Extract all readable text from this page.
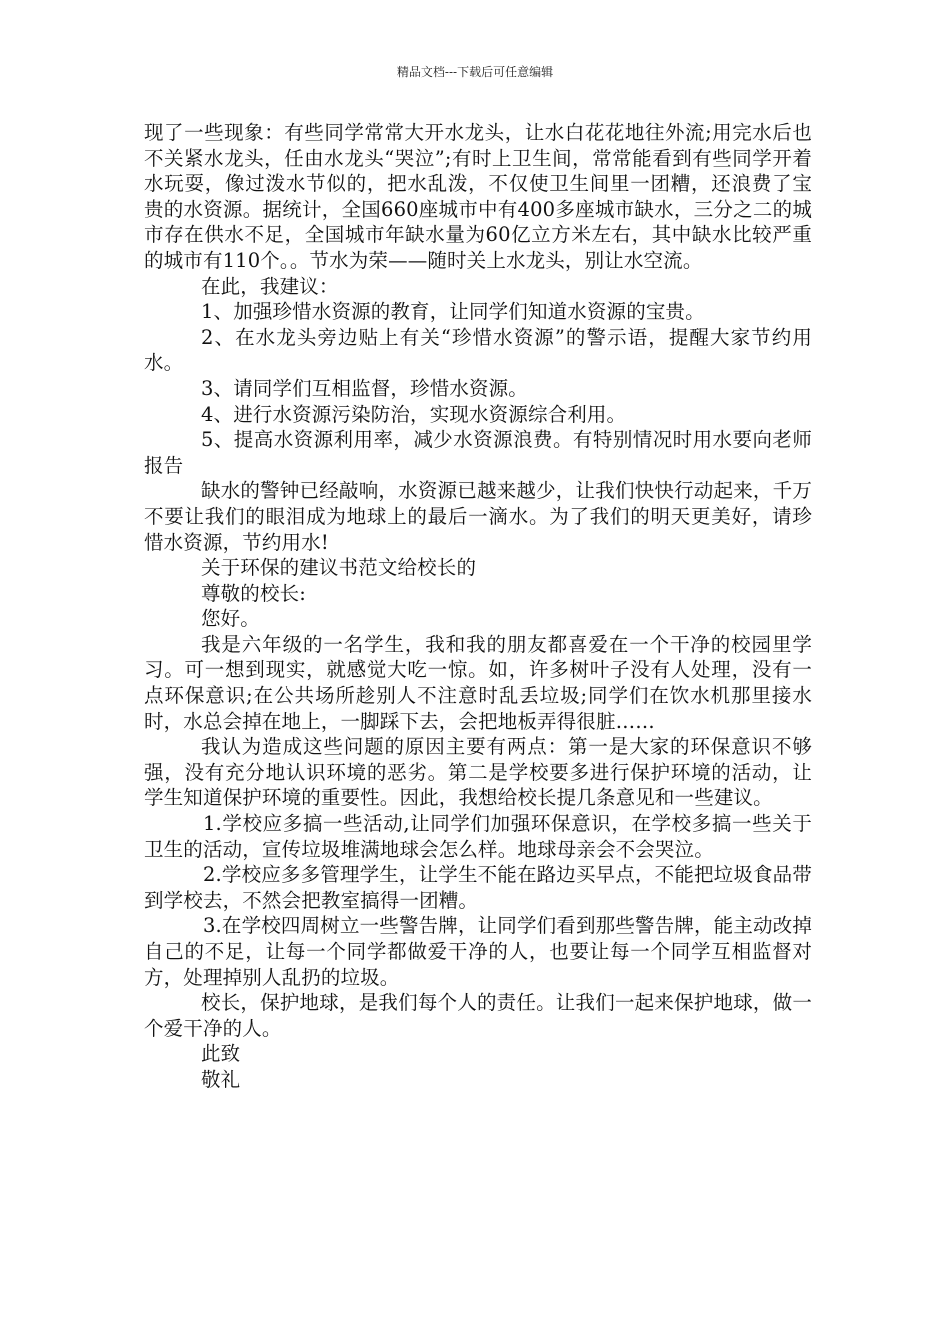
精品文档---下载后可任意编辑

现了一些现象：有些同学常常大开水龙头，让水白花花地往外流;用完水后也不关紧水龙头，任由水龙头“哭泣”;有时上卫生间，常常能看到有些同学开着水玩耍，像过泼水节似的，把水乱泼，不仅使卫生间里一团糟，还浪费了宝贵的水资源。据统计，全国660座城市中有400多座城市缺水，三分之二的城市存在供水不足，全国城市年缺水量为60亿立方米左右，其中缺水比较严重的城市有110个。。节水为荣——随时关上水龙头，别让水空流。

在此，我建议：

1、加强珍惜水资源的教育，让同学们知道水资源的宝贵。

2、在水龙头旁边贴上有关“珍惜水资源”的警示语，提醒大家节约用水。

3、请同学们互相监督，珍惜水资源。

4、进行水资源污染防治，实现水资源综合利用。

5、提高水资源利用率，减少水资源浪费。有特别情况时用水要向老师报告

缺水的警钟已经敲响，水资源已越来越少，让我们快快行动起来，千万不要让我们的眼泪成为地球上的最后一滴水。为了我们的明天更美好，请珍惜水资源，节约用水!

关于环保的建议书范文给校长的

尊敬的校长:

您好。

我是六年级的一名学生，我和我的朋友都喜爱在一个干净的校园里学习。可一想到现实，就感觉大吃一惊。如，许多树叶子没有人处理，没有一点环保意识;在公共场所趁别人不注意时乱丢垃圾;同学们在饮水机那里接水时，水总会掉在地上，一脚踩下去，会把地板弄得很脏……

我认为造成这些问题的原因主要有两点：第一是大家的环保意识不够强，没有充分地认识环境的恶劣。第二是学校要多进行保护环境的活动，让学生知道保护环境的重要性。因此，我想给校长提几条意见和一些建议。

1.学校应多搞一些活动,让同学们加强环保意识，在学校多搞一些关于卫生的活动，宣传垃圾堆满地球会怎么样。地球母亲会不会哭泣。

2.学校应多多管理学生，让学生不能在路边买早点，不能把垃圾食品带到学校去，不然会把教室搞得一团糟。

3.在学校四周树立一些警告牌，让同学们看到那些警告牌，能主动改掉自己的不足，让每一个同学都做爱干净的人，也要让每一个同学互相监督对方，处理掉别人乱扔的垃圾。

校长，保护地球，是我们每个人的责任。让我们一起来保护地球，做一个爱干净的人。

此致

敬礼
